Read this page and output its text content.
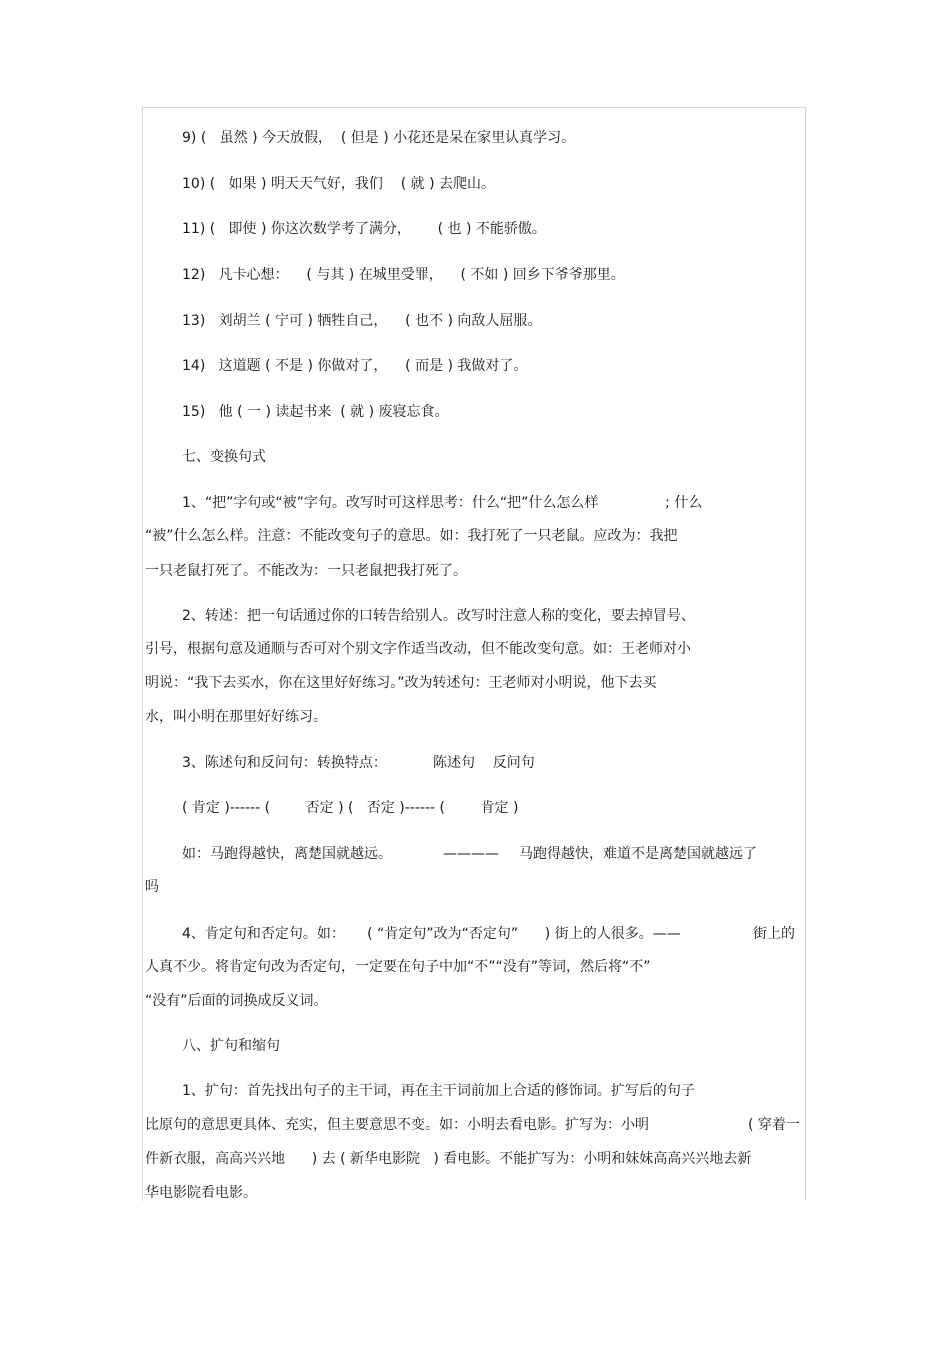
9) (   虽然 ) 今天放假，  ( 但是 ) 小花还是呆在家里认真学习。
10) (   如果 ) 明天天气好，我们    ( 就 ) 去爬山。
11) (   即使 ) 你这次数学考了满分，      ( 也 ) 不能骄傲。
12)   凡卡心想：    ( 与其 ) 在城里受罪，    ( 不如 ) 回乡下爷爷那里。
13)   刘胡兰 ( 宁可 ) 牺牲自己，    ( 也不 ) 向敌人屈服。
14)   这道题 ( 不是 ) 你做对了，    ( 而是 ) 我做对了。
15)   他 ( 一 ) 读起书来  ( 就 ) 废寝忘食。
七、变换句式
1、“把”字句或“被”字句。改写时可这样思考：什么“把”什么怎么样               ; 什么
“被”什么怎么样。注意：不能改变句子的意思。如：我打死了一只老鼠。应改为：我把
一只老鼠打死了。不能改为：一只老鼠把我打死了。
2、转述：把一句话通过你的口转告给别人。改写时注意人称的变化，要去掉冒号、
引号，根据句意及通顺与否可对个别文字作适当改动，但不能改变句意。如：王老师对小
明说：“我下去买水，你在这里好好练习。”改为转述句：王老师对小明说，他下去买
水，叫小明在那里好好练习。
3、陈述句和反问句：转换特点：	陈述句    反问句
( 肯定 )------ (        否定 ) (   否定 )------ (        肯定 )
如：马跑得越快，离楚国就越远。	———— 马跑得越快，难道不是离楚国就越远了
吗
4、肯定句和否定句。如：     ( “肯定句”改为“否定句”      ) 街上的人很多。——	街上的
人真不少。将肯定句改为否定句，一定要在句子中加“不”“没有”等词，然后将“不”
“没有”后面的词换成反义词。
八、扩句和缩句
1、扩句：首先找出句子的主干词，再在主干词前加上合适的修饰词。扩写后的句子
比原句的意思更具体、充实，但主要意思不变。如：小明去看电影。扩写为：小明	( 穿着一
件新衣服，高高兴兴地      ) 去 ( 新华电影院   ) 看电影。不能扩写为：小明和妹妹高高兴兴地去新
华电影院看电影。
